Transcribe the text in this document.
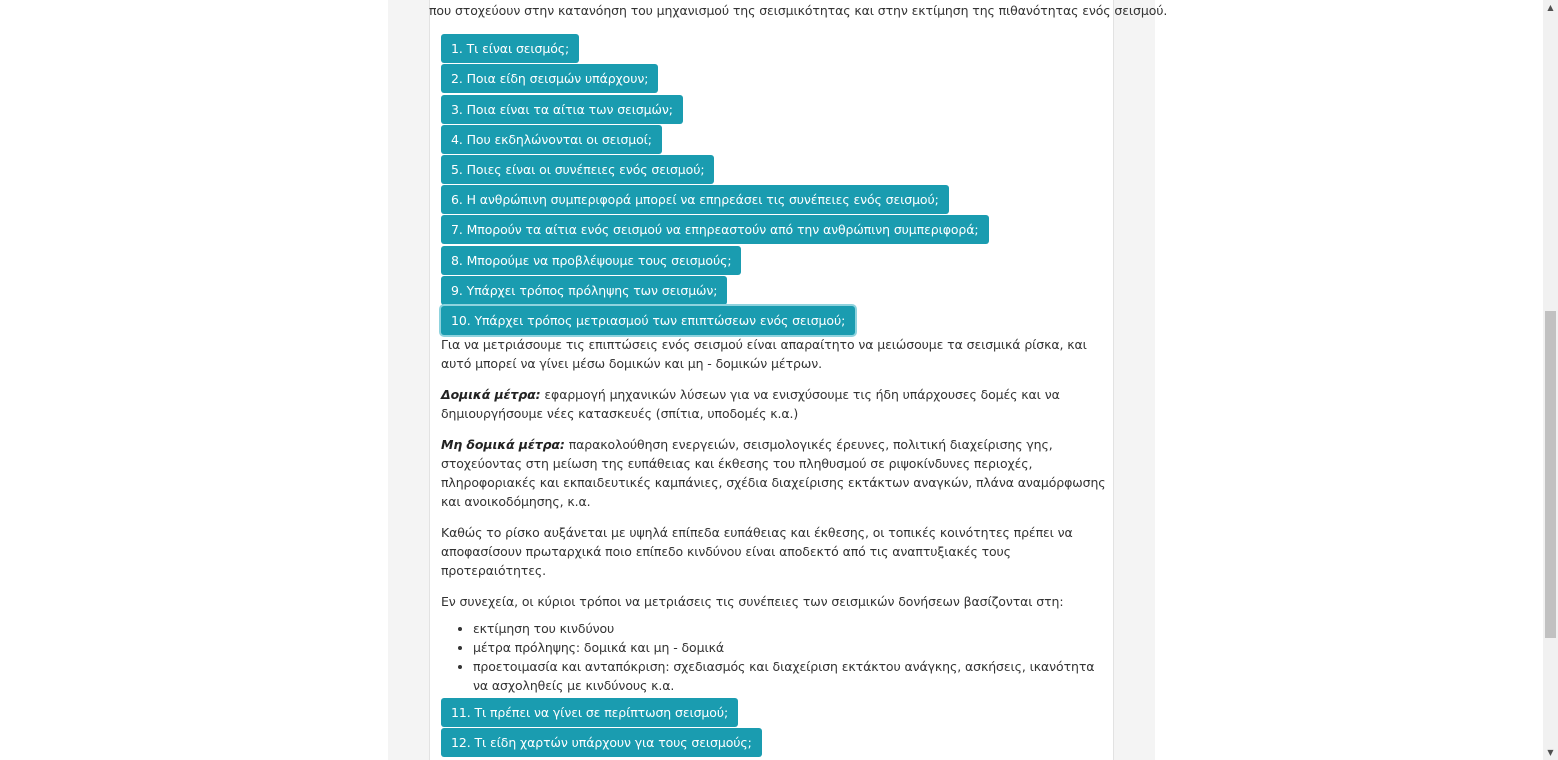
που στοχεύουν στην κατανόηση του μηχανισμού της σεισμικότητας και στην εκτίμηση της πιθανότητας ενός σεισμού.
1. Τι είναι σεισμός;
2. Ποια είδη σεισμών υπάρχουν;
3. Ποια είναι τα αίτια των σεισμών;
4. Που εκδηλώνονται οι σεισμοί;
5. Ποιες είναι οι συνέπειες ενός σεισμού;
6. Η ανθρώπινη συμπεριφορά μπορεί να επηρεάσει τις συνέπειες ενός σεισμού;
7. Μπορούν τα αίτια ενός σεισμού να επηρεαστούν από την ανθρώπινη συμπεριφορά;
8. Μπορούμε να προβλέψουμε τους σεισμούς;
9. Υπάρχει τρόπος πρόληψης των σεισμών;
10. Υπάρχει τρόπος μετριασμού των επιπτώσεων ενός σεισμού;

Για να μετριάσουμε τις επιπτώσεις ενός σεισμού είναι απαραίτητο να μειώσουμε τα σεισμικά ρίσκα, και αυτό μπορεί να γίνει μέσω δομικών και μη - δομικών μέτρων.

Δομικά μέτρα: εφαρμογή μηχανικών λύσεων για να ενισχύσουμε τις ήδη υπάρχουσες δομές και να δημιουργήσουμε νέες κατασκευές (σπίτια, υποδομές κ.α.)

Μη δομικά μέτρα: παρακολούθηση ενεργειών, σεισμολογικές έρευνες, πολιτική διαχείρισης γης, στοχεύοντας στη μείωση της ευπάθειας και έκθεσης του πληθυσμού σε ριψοκίνδυνες περιοχές, πληροφοριακές και εκπαιδευτικές καμπάνιες, σχέδια διαχείρισης εκτάκτων αναγκών, πλάνα αναμόρφωσης και ανοικοδόμησης, κ.α.

Καθώς το ρίσκο αυξάνεται με υψηλά επίπεδα ευπάθειας και έκθεσης, οι τοπικές κοινότητες πρέπει να αποφασίσουν πρωταρχικά ποιο επίπεδο κινδύνου είναι αποδεκτό από τις αναπτυξιακές τους προτεραιότητες.

Εν συνεχεία, οι κύριοι τρόποι να μετριάσεις τις συνέπειες των σεισμικών δονήσεων βασίζονται στη:

• εκτίμηση του κινδύνου
• μέτρα πρόληψης: δομικά και μη - δομικά
• προετοιμασία και ανταπόκριση: σχεδιασμός και διαχείριση εκτάκτου ανάγκης, ασκήσεις, ικανότητα να ασχοληθείς με κινδύνους κ.α.
11. Τι πρέπει να γίνει σε περίπτωση σεισμού;
12. Τι είδη χαρτών υπάρχουν για τους σεισμούς;
▲
▼
